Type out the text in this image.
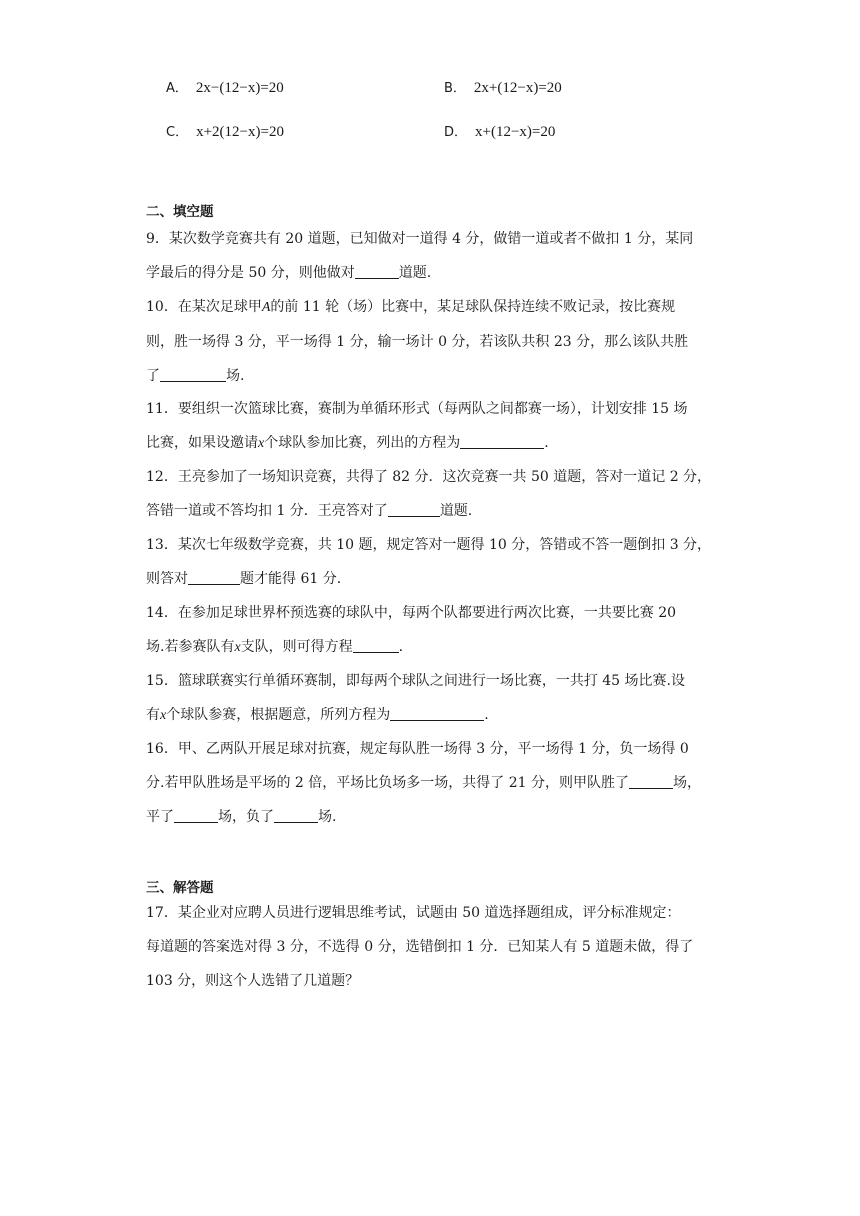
A． 2x−(12−x)=20	B． 2x+(12−x)=20
C． x+2(12−x)=20	D． x+(12−x)=20
二、填空题
9．某次数学竞赛共有 20 道题，已知做对一道得 4 分，做错一道或者不做扣 1 分，某同
学最后的得分是 50 分，则他做对	道题.
10．在某次足球甲A的前 11 轮（场）比赛中，某足球队保持连续不败记录，按比赛规
则，胜一场得 3 分，平一场得 1 分，输一场计 0 分，若该队共积 23 分，那么该队共胜
了	场.
11．要组织一次篮球比赛，赛制为单循环形式（每两队之间都赛一场），计划安排 15 场
比赛，如果设邀请x个球队参加比赛，列出的方程为	.
12．王亮参加了一场知识竞赛，共得了 82 分．这次竞赛一共 50 道题，答对一道记 2 分，
答错一道或不答均扣 1 分．王亮答对了	道题.
13．某次七年级数学竞赛，共 10 题，规定答对一题得 10 分，答错或不答一题倒扣 3 分，
则答对	题才能得 61 分.
14．在参加足球世界杯预选赛的球队中，每两个队都要进行两次比赛，一共要比赛 20
场.若参赛队有x支队，则可得方程	.
15．篮球联赛实行单循环赛制，即每两个球队之间进行一场比赛，一共打 45 场比赛.设
有x个球队参赛，根据题意，所列方程为	.
16．甲、乙两队开展足球对抗赛，规定每队胜一场得 3 分，平一场得 1 分，负一场得 0
分.若甲队胜场是平场的 2 倍，平场比负场多一场，共得了 21 分，则甲队胜了	场，
平了	场，负了	场.
三、解答题
17．某企业对应聘人员进行逻辑思维考试，试题由 50 道选择题组成，评分标准规定：
每道题的答案选对得 3 分，不选得 0 分，选错倒扣 1 分．已知某人有 5 道题未做，得了
103 分，则这个人选错了几道题？
